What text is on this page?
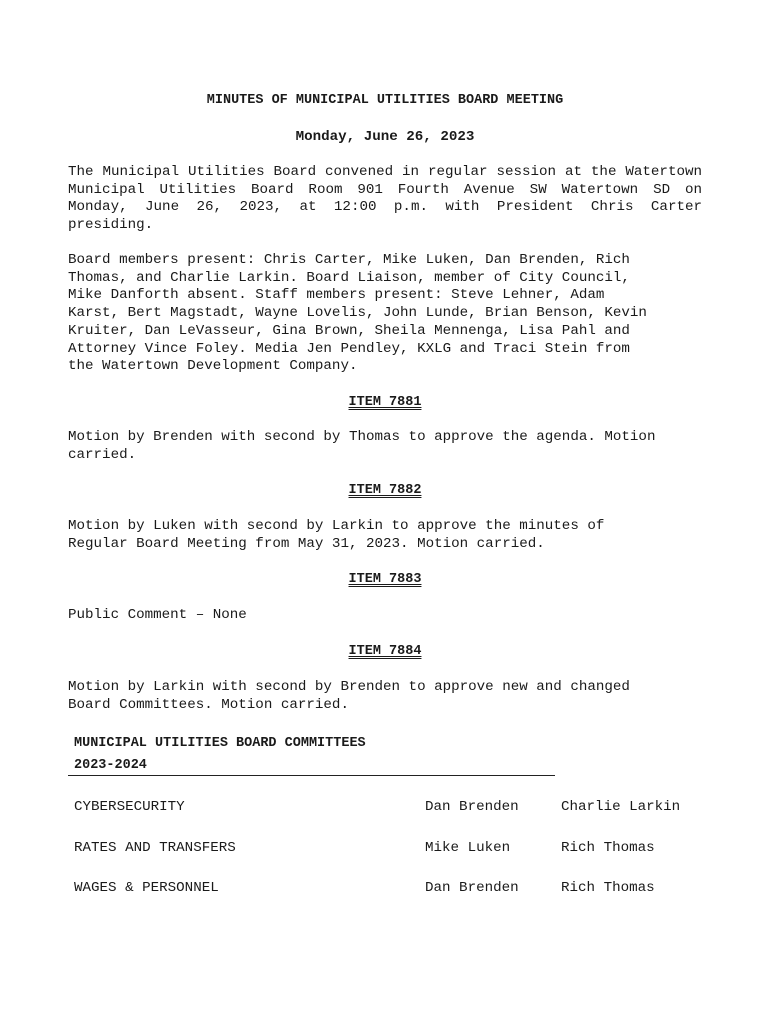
MINUTES OF MUNICIPAL UTILITIES BOARD MEETING

Monday, June 26, 2023

The Municipal Utilities Board convened in regular session at the Watertown Municipal Utilities Board Room 901 Fourth Avenue SW Watertown SD on Monday, June 26, 2023, at 12:00 p.m. with President Chris Carter presiding.

Board members present: Chris Carter, Mike Luken, Dan Brenden, Rich
Thomas, and Charlie Larkin. Board Liaison, member of City Council,
Mike Danforth absent. Staff members present: Steve Lehner, Adam
Karst, Bert Magstadt, Wayne Lovelis, John Lunde, Brian Benson, Kevin
Kruiter, Dan LeVasseur, Gina Brown, Sheila Mennenga, Lisa Pahl and
Attorney Vince Foley. Media Jen Pendley, KXLG and Traci Stein from
the Watertown Development Company.

ITEM 7881

Motion by Brenden with second by Thomas to approve the agenda. Motion
carried.

ITEM 7882

Motion by Luken with second by Larkin to approve the minutes of
Regular Board Meeting from May 31, 2023. Motion carried.

ITEM 7883

Public Comment – None

ITEM 7884

Motion by Larkin with second by Brenden to approve new and changed
Board Committees. Motion carried.

MUNICIPAL UTILITIES BOARD COMMITTEES

2023-2024

CYBERSECURITY	Dan Brenden	Charlie Larkin
RATES AND TRANSFERS	Mike Luken	Rich Thomas
WAGES & PERSONNEL	Dan Brenden	Rich Thomas
